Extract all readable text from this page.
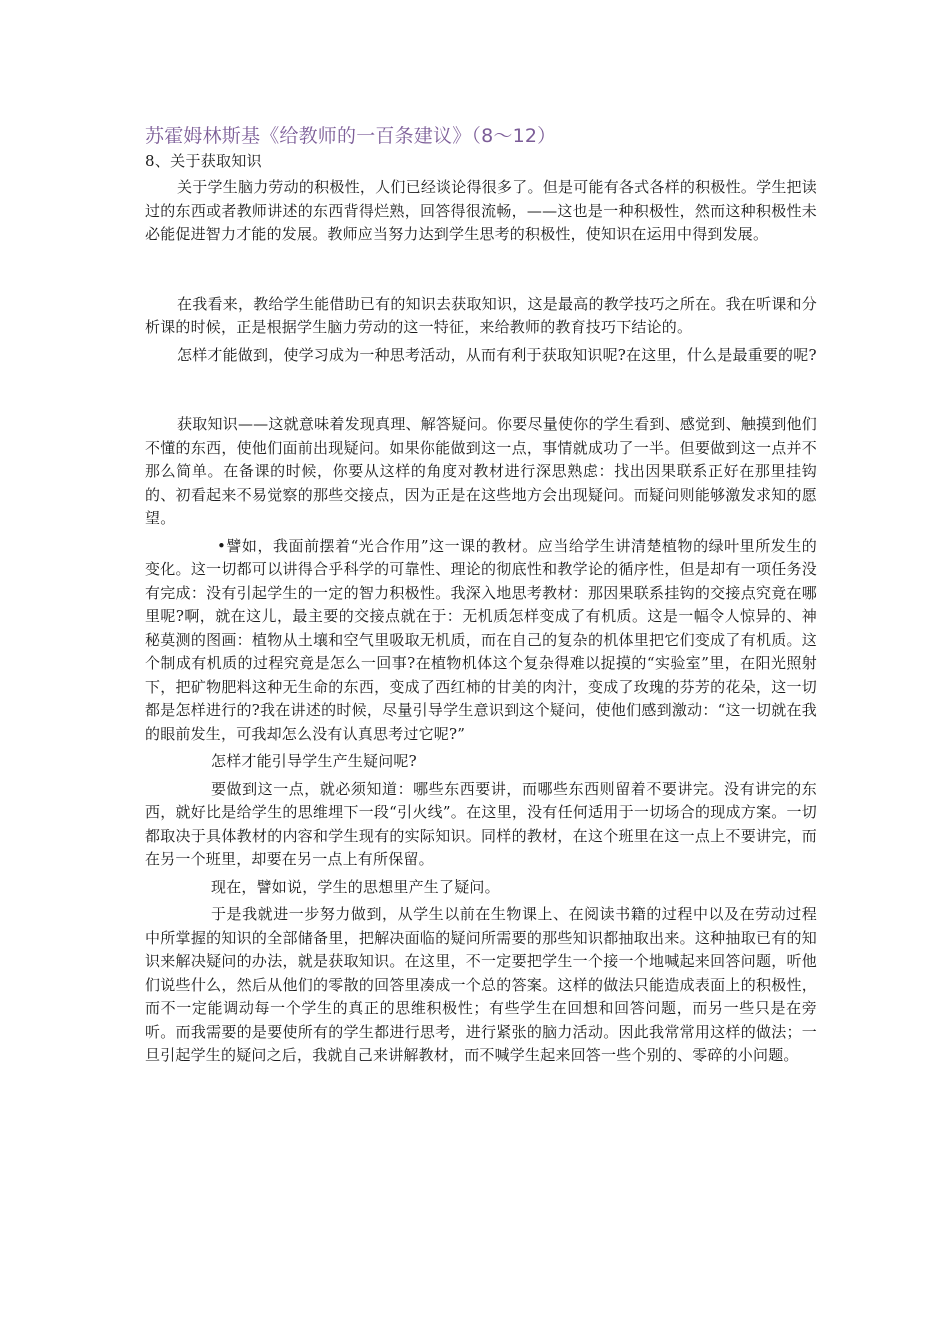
苏霍姆林斯基《给教师的一百条建议》（8～12）
8、关于获取知识

关于学生脑力劳动的积极性，人们已经谈论得很多了。但是可能有各式各样的积极性。学生把读过的东西或者教师讲述的东西背得烂熟，回答得很流畅，——这也是一种积极性，然而这种积极性未必能促进智力才能的发展。教师应当努力达到学生思考的积极性，使知识在运用中得到发展。

在我看来，教给学生能借助已有的知识去获取知识，这是最高的教学技巧之所在。我在听课和分析课的时候，正是根据学生脑力劳动的这一特征，来给教师的教育技巧下结论的。

怎样才能做到，使学习成为一种思考活动，从而有利于获取知识呢?在这里，什么是最重要的呢?

获取知识——这就意味着发现真理、解答疑问。你要尽量使你的学生看到、感觉到、触摸到他们不懂的东西，使他们面前出现疑问。如果你能做到这一点，事情就成功了一半。但要做到这一点并不那么简单。在备课的时候，你要从这样的角度对教材进行深思熟虑：找出因果联系正好在那里挂钩的、初看起来不易觉察的那些交接点，因为正是在这些地方会出现疑问。而疑问则能够激发求知的愿望。

•譬如，我面前摆着“光合作用”这一课的教材。应当给学生讲清楚植物的绿叶里所发生的变化。这一切都可以讲得合乎科学的可靠性、理论的彻底性和教学论的循序性，但是却有一项任务没有完成：没有引起学生的一定的智力积极性。我深入地思考教材：那因果联系挂钩的交接点究竟在哪里呢?啊，就在这儿，最主要的交接点就在于：无机质怎样变成了有机质。这是一幅令人惊异的、神秘莫测的图画：植物从土壤和空气里吸取无机质，而在自己的复杂的机体里把它们变成了有机质。这个制成有机质的过程究竟是怎么一回事?在植物机体这个复杂得难以捉摸的“实验室”里，在阳光照射下，把矿物肥料这种无生命的东西，变成了西红柿的甘美的肉汁，变成了玫瑰的芬芳的花朵，这一切都是怎样进行的?我在讲述的时候，尽量引导学生意识到这个疑问，使他们感到激动：“这一切就在我的眼前发生，可我却怎么没有认真思考过它呢?”

怎样才能引导学生产生疑问呢?

要做到这一点，就必须知道：哪些东西要讲，而哪些东西则留着不要讲完。没有讲完的东西，就好比是给学生的思维埋下一段“引火线”。在这里，没有任何适用于一切场合的现成方案。一切都取决于具体教材的内容和学生现有的实际知识。同样的教材，在这个班里在这一点上不要讲完，而在另一个班里，却要在另一点上有所保留。

现在，譬如说，学生的思想里产生了疑问。

于是我就进一步努力做到，从学生以前在生物课上、在阅读书籍的过程中以及在劳动过程中所掌握的知识的全部储备里，把解决面临的疑问所需要的那些知识都抽取出来。这种抽取已有的知识来解决疑问的办法，就是获取知识。在这里，不一定要把学生一个接一个地喊起来回答问题，听他们说些什么，然后从他们的零散的回答里凑成一个总的答案。这样的做法只能造成表面上的积极性，而不一定能调动每一个学生的真正的思维积极性；有些学生在回想和回答问题，而另一些只是在旁听。而我需要的是要使所有的学生都进行思考，进行紧张的脑力活动。因此我常常用这样的做法；一旦引起学生的疑问之后，我就自己来讲解教材，而不喊学生起来回答一些个别的、零碎的小问题。
